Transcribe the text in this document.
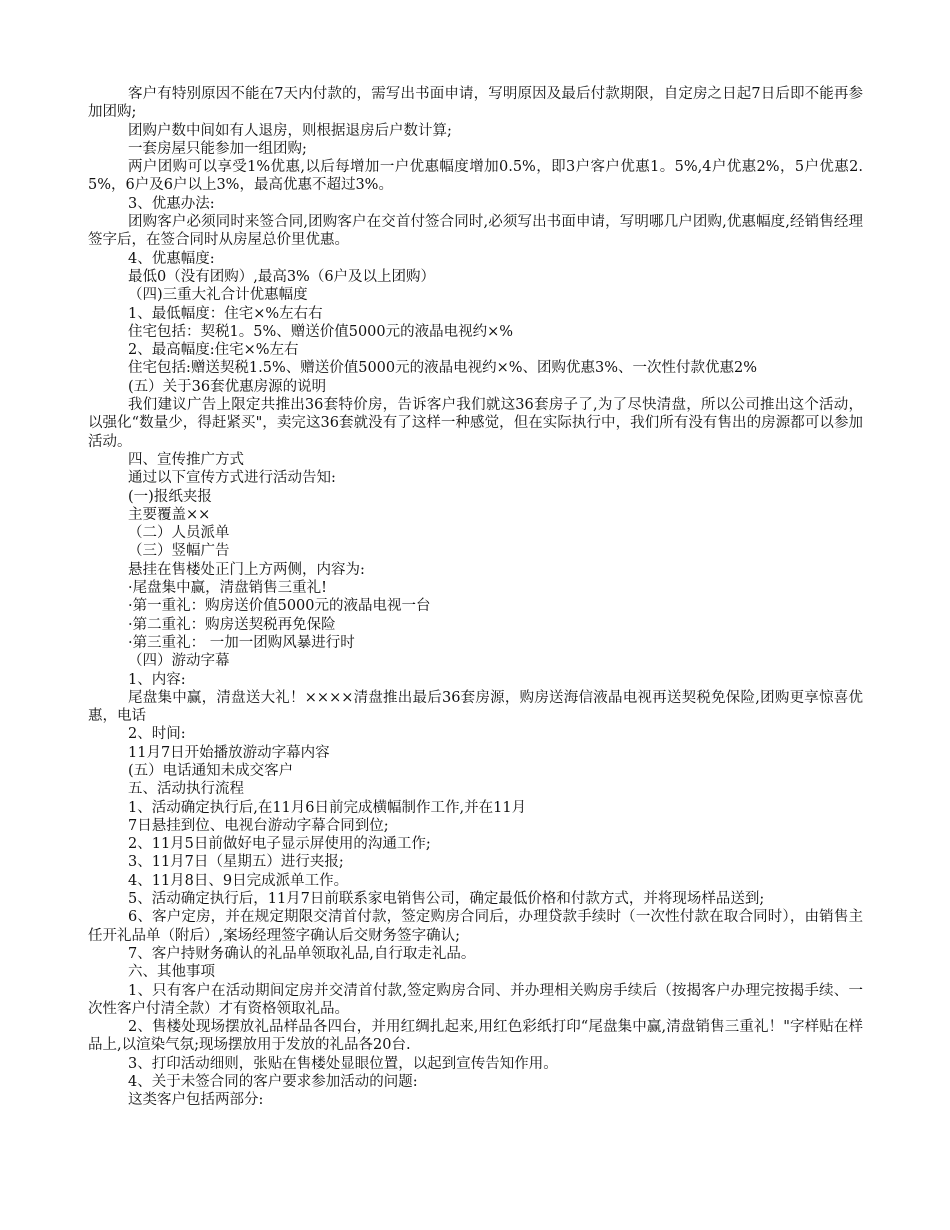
客户有特别原因不能在7天内付款的，需写出书面申请，写明原因及最后付款期限，自定房之日起7日后即不能再参加团购;

团购户数中间如有人退房，则根据退房后户数计算;

一套房屋只能参加一组团购;

两户团购可以享受1%优惠,以后每增加一户优惠幅度增加0.5%，即3户客户优惠1。5%,4户优惠2%，5户优惠2.5%，6户及6户以上3%，最高优惠不超过3%。

3、优惠办法:

团购客户必须同时来签合同,团购客户在交首付签合同时,必须写出书面申请，写明哪几户团购,优惠幅度,经销售经理签字后，在签合同时从房屋总价里优惠。

4、优惠幅度:

最低0（没有团购）,最高3%（6户及以上团购）

（四)三重大礼合计优惠幅度

1、最低幅度：住宅×%左右右

住宅包括：契税1。5%、赠送价值5000元的液晶电视约×%

2、最高幅度:住宅×%左右

住宅包括:赠送契税1.5%、赠送价值5000元的液晶电视约×%、团购优惠3%、一次性付款优惠2%

(五）关于36套优惠房源的说明

我们建议广告上限定共推出36套特价房，告诉客户我们就这36套房子了,为了尽快清盘，所以公司推出这个活动，以强化“数量少，得赶紧买"，卖完这36套就没有了这样一种感觉，但在实际执行中，我们所有没有售出的房源都可以参加活动。

四、宣传推广方式

通过以下宣传方式进行活动告知:

(一)报纸夹报

主要覆盖××

（二）人员派单

（三）竖幅广告

悬挂在售楼处正门上方两侧，内容为:

·尾盘集中赢，清盘销售三重礼!

·第一重礼：购房送价值5000元的液晶电视一台

·第二重礼：购房送契税再免保险

·第三重礼： 一加一团购风暴进行时

（四）游动字幕

1、内容:

尾盘集中赢，清盘送大礼！××××清盘推出最后36套房源，购房送海信液晶电视再送契税免保险,团购更享惊喜优惠，电话

2、时间:

11月7日开始播放游动字幕内容

(五）电话通知未成交客户

五、活动执行流程

1、活动确定执行后,在11月6日前完成横幅制作工作,并在11月

7日悬挂到位、电视台游动字幕合同到位;

2、11月5日前做好电子显示屏使用的沟通工作;

3、11月7日（星期五）进行夹报;

4、11月8日、9日完成派单工作。

5、活动确定执行后，11月7日前联系家电销售公司，确定最低价格和付款方式，并将现场样品送到;

6、客户定房，并在规定期限交清首付款，签定购房合同后，办理贷款手续时（一次性付款在取合同时），由销售主任开礼品单（附后）,案场经理签字确认后交财务签字确认;

7、客户持财务确认的礼品单领取礼品,自行取走礼品。

六、其他事项

1、只有客户在活动期间定房并交清首付款,签定购房合同、并办理相关购房手续后（按揭客户办理完按揭手续、一次性客户付清全款）才有资格领取礼品。

2、售楼处现场摆放礼品样品各四台，并用红绸扎起来,用红色彩纸打印“尾盘集中赢,清盘销售三重礼！"字样贴在样品上,以渲染气氛;现场摆放用于发放的礼品各20台.

3、打印活动细则，张贴在售楼处显眼位置，以起到宣传告知作用。

4、关于未签合同的客户要求参加活动的问题:

这类客户包括两部分:
